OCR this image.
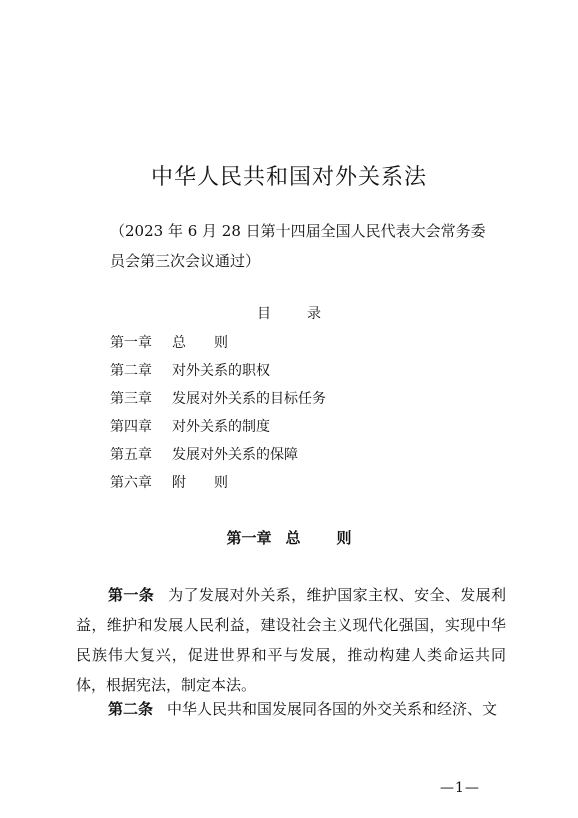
中华人民共和国对外关系法
（2023 年 6 月 28 日第十四届全国人民代表大会常务委员会第三次会议通过）
目	录
第一章 总　　则
第二章 对外关系的职权
第三章 发展对外关系的目标任务
第四章 对外关系的制度
第五章 发展对外关系的保障
第六章 附　　则
第一章 总 则

第一条 为了发展对外关系，维护国家主权、安全、发展利益，维护和发展人民利益，建设社会主义现代化强国，实现中华民族伟大复兴，促进世界和平与发展，推动构建人类命运共同体，根据宪法，制定本法。

第二条 中华人民共和国发展同各国的外交关系和经济、文

—1—
